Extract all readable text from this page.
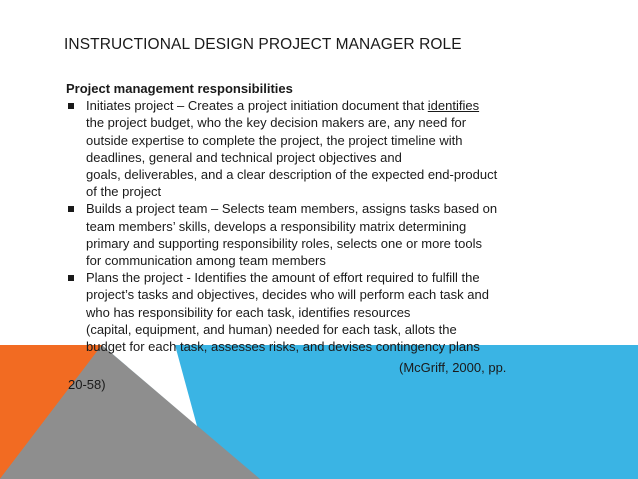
INSTRUCTIONAL DESIGN PROJECT MANAGER ROLE

Project management responsibilities

Initiates project – Creates a project initiation document that identifies
the project budget, who the key decision makers are, any need for
outside expertise to complete the project, the project timeline with
deadlines, general and technical project objectives and
goals, deliverables, and a clear description of the expected end-product
of the project
Builds a project team – Selects team members, assigns tasks based on
team members’ skills, develops a responsibility matrix determining
primary and supporting responsibility roles, selects one or more tools
for communication among team members
Plans the project - Identifies the amount of effort required to fulfill the
project’s tasks and objectives, decides who will perform each task and
who has responsibility for each task, identifies resources
(capital, equipment, and human) needed for each task, allots the
budget for each task, assesses risks, and devises contingency plans
(McGriff, 2000, pp.
20-58)
